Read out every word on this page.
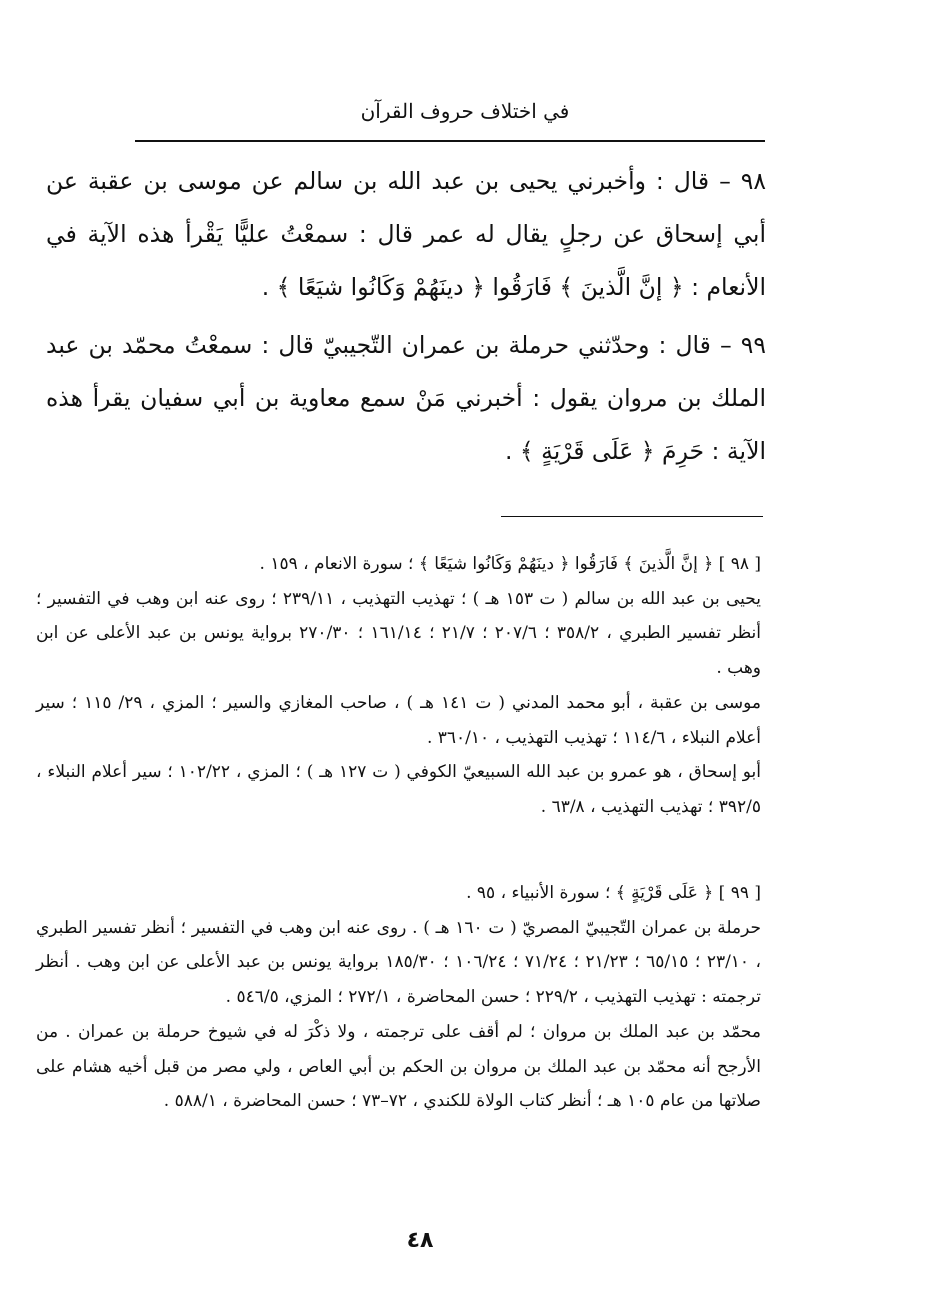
في اختلاف حروف القرآن

٩٨ – قال : وأخبرني يحيى بن عبد الله بن سالم عن موسى بن عقبة عن أبي إسحاق عن رجلٍ يقال له عمر قال : سمعْتُ عليًّا يَقْرأ هذه الآية في الأنعام : ﴿ إنَّ الَّذينَ ﴾ فَارَقُوا ﴿ دينَهُمْ وَكَانُوا شيَعًا ﴾ .

٩٩ – قال : وحدّثني حرملة بن عمران التّجيبيّ قال : سمعْتُ محمّد بن عبد الملك بن مروان يقول : أخبرني مَنْ سمع معاوية بن أبي سفيان يقرأ هذه الآية : حَرِمَ ﴿ عَلَى قَرْيَةٍ ﴾ .

[ ٩٨ ] ﴿ إنَّ الَّذينَ ﴾ فَارَقُوا ﴿ دينَهُمْ وَكَانُوا شيَعًا ﴾ ؛ سورة الانعام ، ١٥٩ .
يحيى بن عبد الله بن سالم ( ت ١٥٣ هـ ) ؛ تهذيب التهذيب ، ٢٣٩/١١ ؛ روى عنه ابن وهب في التفسير ؛ أنظر تفسير الطبري ، ٣٥٨/٢ ؛ ٢٠٧/٦ ؛ ٢١/٧ ؛ ١٦١/١٤ ؛ ٢٧٠/٣٠ برواية يونس بن عبد الأعلى عن ابن وهب .
موسى بن عقبة ، أبو محمد المدني ( ت ١٤١ هـ ) ، صاحب المغازي والسير ؛ المزي ، ٢٩/ ١١٥ ؛ سير أعلام النبلاء ، ١١٤/٦ ؛ تهذيب التهذيب ، ٣٦٠/١٠ .
أبو إسحاق ، هو عمرو بن عبد الله السبيعيّ الكوفي ( ت ١٢٧ هـ ) ؛ المزي ، ١٠٢/٢٢ ؛ سير أعلام النبلاء ، ٣٩٢/٥ ؛ تهذيب التهذيب ، ٦٣/٨ .
[ ٩٩ ] ﴿ عَلَى قَرْيَةٍ ﴾ ؛ سورة الأنبياء ، ٩٥ .
حرملة بن عمران التّجيبيّ المصريّ ( ت ١٦٠ هـ ) . روى عنه ابن وهب في التفسير ؛ أنظر تفسير الطبري ، ٢٣/١٠ ؛ ٦٥/١٥ ؛ ٢١/٢٣ ؛ ٧١/٢٤ ؛ ١٠٦/٢٤ ؛ ١٨٥/٣٠ برواية يونس بن عبد الأعلى عن ابن وهب . أنظر ترجمته : تهذيب التهذيب ، ٢٢٩/٢ ؛ حسن المحاضرة ، ٢٧٢/١ ؛ المزي، ٥٤٦/٥ .
محمّد بن عبد الملك بن مروان ؛ لم أقف على ترجمته ، ولا ذكْرَ له في شيوخ حرملة بن عمران . من الأرجح أنه محمّد بن عبد الملك بن مروان بن الحكم بن أبي العاص ، ولي مصر من قبل أخيه هشام على صلاتها من عام ١٠٥ هـ ؛ أنظر كتاب الولاة للكندي ، ٧٢–٧٣ ؛ حسن المحاضرة ، ٥٨٨/١ .
٤٨
